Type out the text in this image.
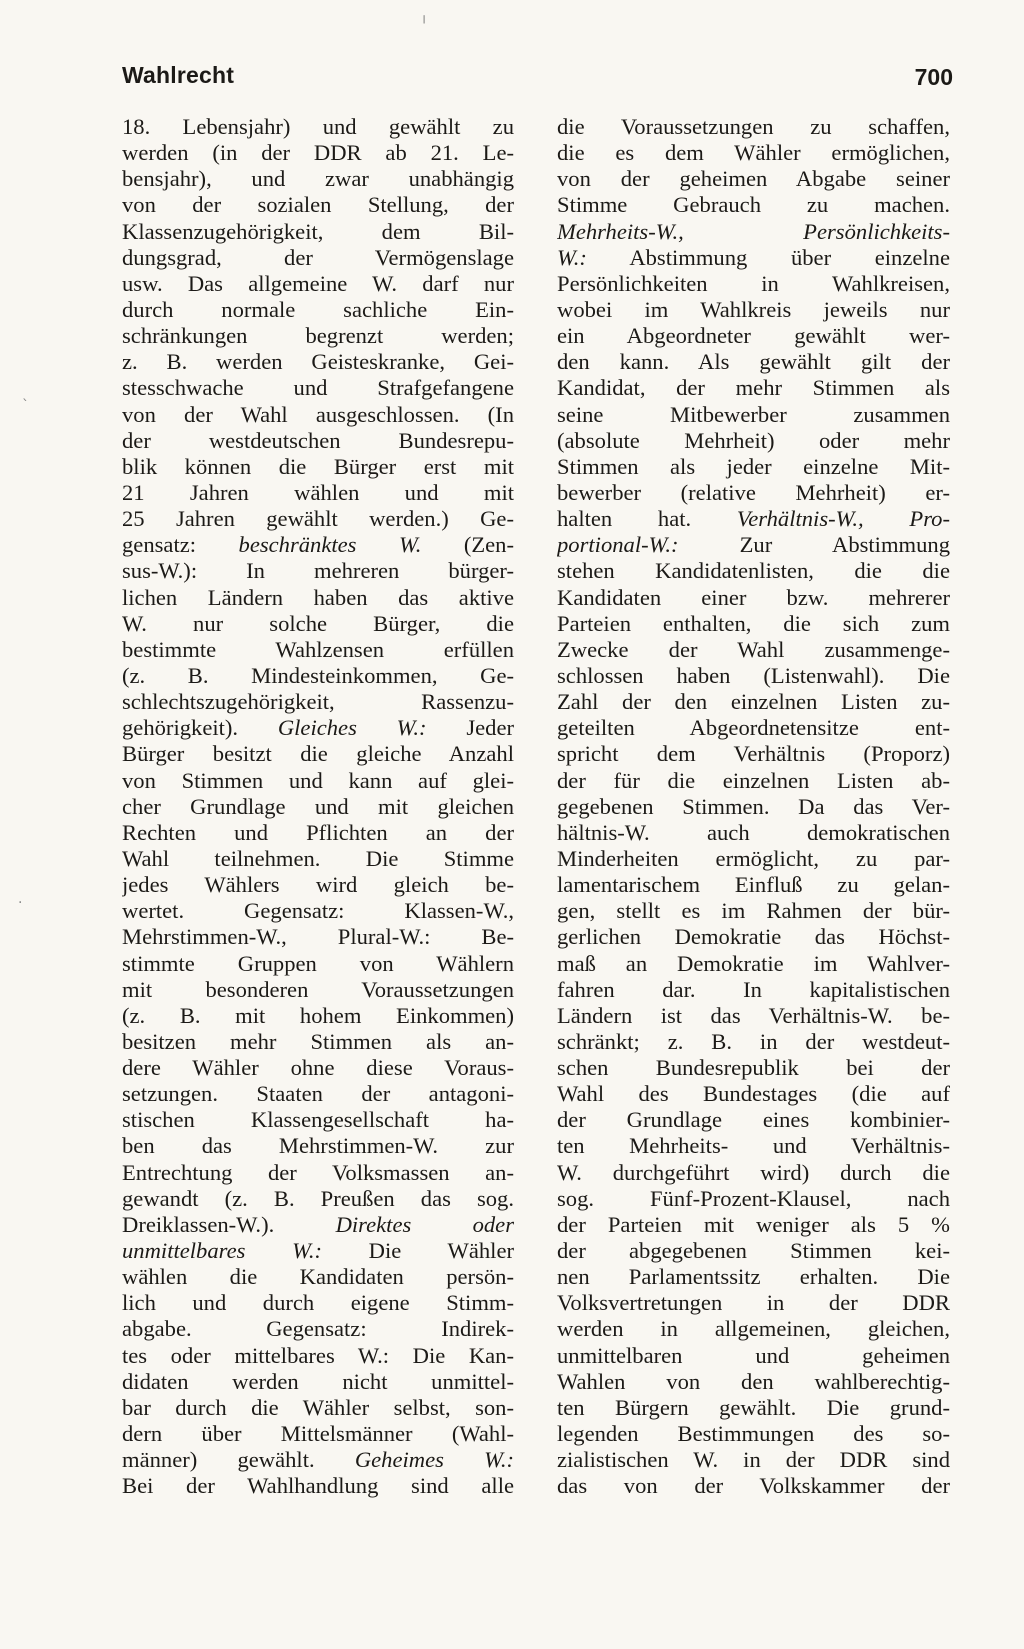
Wahlrecht	700
18. Lebensjahr) und gewählt zu
werden (in der DDR ab 21. Le-
bensjahr), und zwar unabhängig
von der sozialen Stellung, der
Klassenzugehörigkeit, dem Bil-
dungsgrad, der Vermögenslage
usw. Das allgemeine W. darf nur
durch normale sachliche Ein-
schränkungen begrenzt werden;
z. B. werden Geisteskranke, Gei-
stesschwache und Strafgefangene
von der Wahl ausgeschlossen. (In
der westdeutschen Bundesrepu-
blik können die Bürger erst mit
21 Jahren wählen und mit
25 Jahren gewählt werden.) Ge-
gensatz: beschränktes W. (Zen-
sus-W.): In mehreren bürger-
lichen Ländern haben das aktive
W. nur solche Bürger, die
bestimmte Wahlzensen erfüllen
(z. B. Mindesteinkommen, Ge-
schlechtszugehörigkeit, Rassenzu-
gehörigkeit). Gleiches W.: Jeder
Bürger besitzt die gleiche Anzahl
von Stimmen und kann auf glei-
cher Grundlage und mit gleichen
Rechten und Pflichten an der
Wahl teilnehmen. Die Stimme
jedes Wählers wird gleich be-
wertet. Gegensatz: Klassen-W.,
Mehrstimmen-W., Plural-W.: Be-
stimmte Gruppen von Wählern
mit besonderen Voraussetzungen
(z. B. mit hohem Einkommen)
besitzen mehr Stimmen als an-
dere Wähler ohne diese Voraus-
setzungen. Staaten der antagoni-
stischen Klassengesellschaft ha-
ben das Mehrstimmen-W. zur
Entrechtung der Volksmassen an-
gewandt (z. B. Preußen das sog.
Dreiklassen-W.). Direktes oder
unmittelbares W.: Die Wähler
wählen die Kandidaten persön-
lich und durch eigene Stimm-
abgabe. Gegensatz: Indirek-
tes oder mittelbares W.: Die Kan-
didaten werden nicht unmittel-
bar durch die Wähler selbst, son-
dern über Mittelsmänner (Wahl-
männer) gewählt. Geheimes W.:
Bei der Wahlhandlung sind alle
die Voraussetzungen zu schaffen,
die es dem Wähler ermöglichen,
von der geheimen Abgabe seiner
Stimme Gebrauch zu machen.
Mehrheits-W., Persönlichkeits-
W.: Abstimmung über einzelne
Persönlichkeiten in Wahlkreisen,
wobei im Wahlkreis jeweils nur
ein Abgeordneter gewählt wer-
den kann. Als gewählt gilt der
Kandidat, der mehr Stimmen als
seine Mitbewerber zusammen
(absolute Mehrheit) oder mehr
Stimmen als jeder einzelne Mit-
bewerber (relative Mehrheit) er-
halten hat. Verhältnis-W., Pro-
portional-W.: Zur Abstimmung
stehen Kandidatenlisten, die die
Kandidaten einer bzw. mehrerer
Parteien enthalten, die sich zum
Zwecke der Wahl zusammenge-
schlossen haben (Listenwahl). Die
Zahl der den einzelnen Listen zu-
geteilten Abgeordnetensitze ent-
spricht dem Verhältnis (Proporz)
der für die einzelnen Listen ab-
gegebenen Stimmen. Da das Ver-
hältnis-W. auch demokratischen
Minderheiten ermöglicht, zu par-
lamentarischem Einfluß zu gelan-
gen, stellt es im Rahmen der bür-
gerlichen Demokratie das Höchst-
maß an Demokratie im Wahlver-
fahren dar. In kapitalistischen
Ländern ist das Verhältnis-W. be-
schränkt; z. B. in der westdeut-
schen Bundesrepublik bei der
Wahl des Bundestages (die auf
der Grundlage eines kombinier-
ten Mehrheits- und Verhältnis-
W. durchgeführt wird) durch die
sog. Fünf-Prozent-Klausel, nach
der Parteien mit weniger als 5 %
der abgegebenen Stimmen kei-
nen Parlamentssitz erhalten. Die
Volksvertretungen in der DDR
werden in allgemeinen, gleichen,
unmittelbaren und geheimen
Wahlen von den wahlberechtig-
ten Bürgern gewählt. Die grund-
legenden Bestimmungen des so-
zialistischen W. in der DDR sind
das von der Volkskammer der
╷
`
·
